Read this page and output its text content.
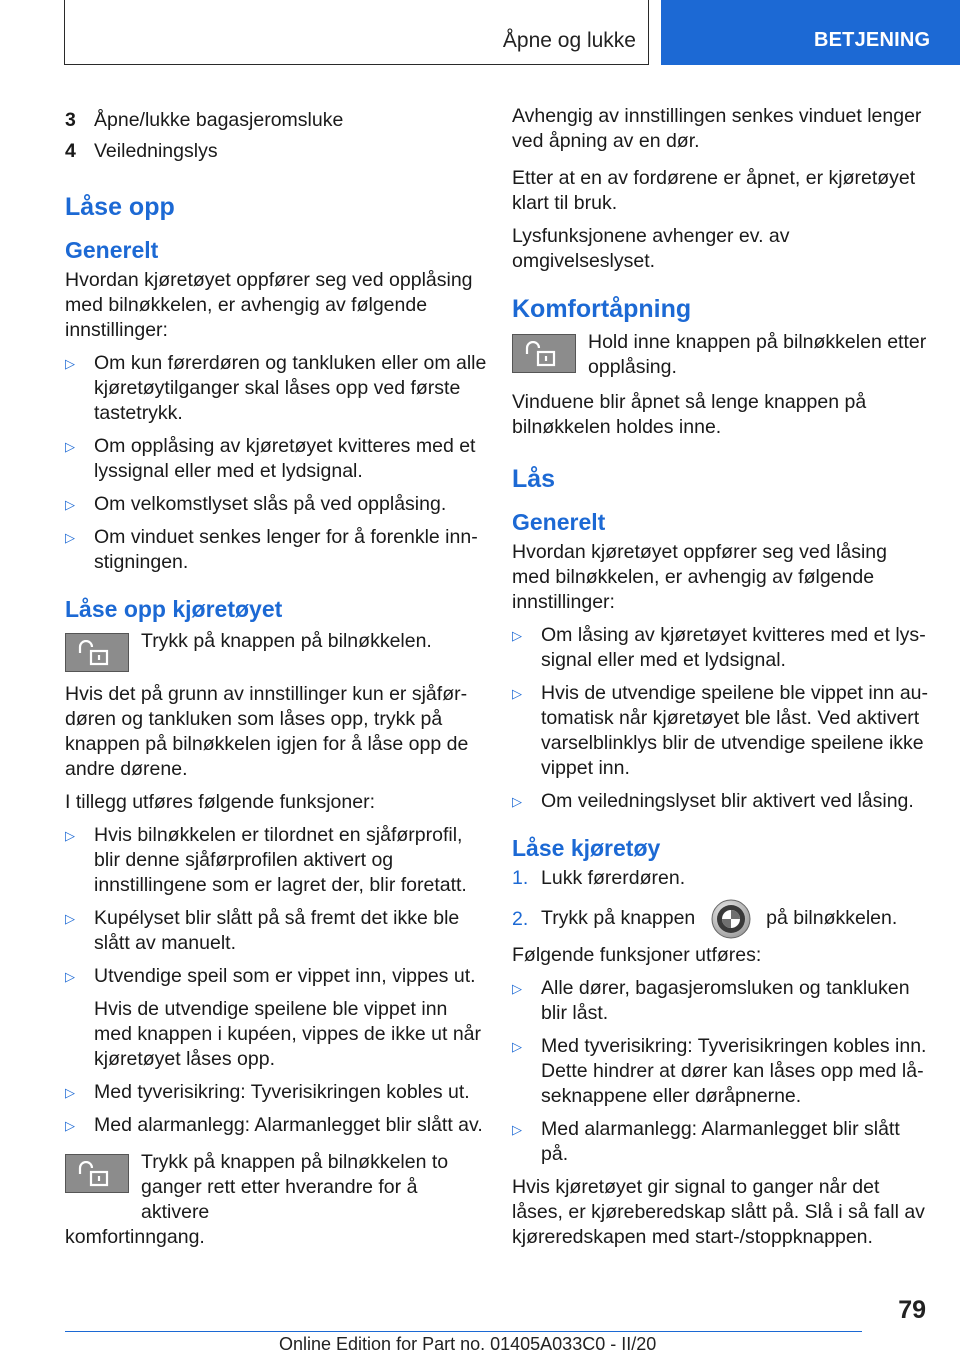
Åpne og lukke	BETJENING
3 Åpne/lukke bagasjeromsluke
4 Veiledningslys
Låse opp
Generelt

Hvordan kjøretøyet oppfører seg ved opplåsing med bilnøkkelen, er avhengig av følgende innstillinger:

▷ Om kun førerdøren og tankluken eller om alle kjøretøytilganger skal låses opp ved første tastetrykk.
▷ Om opplåsing av kjøretøyet kvitteres med et lyssignal eller med et lydsignal.
▷ Om velkomstlyset slås på ved opplåsing.
▷ Om vinduet senkes lenger for å forenkle innstigningen.
Låse opp kjøretøyet
Trykk på knappen på bilnøkkelen.

Hvis det på grunn av innstillinger kun er sjåførdøren og tankluken som låses opp, trykk på knappen på bilnøkkelen igjen for å låse opp de andre dørene.

I tillegg utføres følgende funksjoner:

▷ Hvis bilnøkkelen er tilordnet en sjåførprofil, blir denne sjåførprofilen aktivert og innstillingene som er lagret der, blir foretatt.
▷ Kupélyset blir slått på så fremt det ikke ble slått av manuelt.
▷ Utvendige speil som er vippet inn, vippes ut.
Hvis de utvendige speilene ble vippet inn med knappen i kupéen, vippes de ikke ut når kjøretøyet låses opp.
▷ Med tyverisikring: Tyverisikringen kobles ut.
▷ Med alarmanlegg: Alarmanlegget blir slått av.
Trykk på knappen på bilnøkkelen to ganger rett etter hverandre for å aktivere

komfortinngang.

Avhengig av innstillingen senkes vinduet lenger ved åpning av en dør.

Etter at en av fordørene er åpnet, er kjøretøyet klart til bruk.

Lysfunksjonene avhenger ev. av omgivelseslyset.

Komfortåpning
Hold inne knappen på bilnøkkelen etter opplåsing.

Vinduene blir åpnet så lenge knappen på bilnøkkelen holdes inne.

Lås
Generelt

Hvordan kjøretøyet oppfører seg ved låsing med bilnøkkelen, er avhengig av følgende innstillinger:

▷ Om låsing av kjøretøyet kvitteres med et lyssignal eller med et lydsignal.
▷ Hvis de utvendige speilene ble vippet inn automatisk når kjøretøyet ble låst. Ved aktivert varselblinklys blir de utvendige speilene ikke vippet inn.
▷ Om veiledningslyset blir aktivert ved låsing.
Låse kjøretøy
1. Lukk førerdøren.
2. Trykk på knappen	på bilnøkkelen.

Følgende funksjoner utføres:

▷ Alle dører, bagasjeromsluken og tankluken blir låst.
▷ Med tyverisikring: Tyverisikringen kobles inn. Dette hindrer at dører kan låses opp med låseknappene eller døråpnerne.
▷ Med alarmanlegg: Alarmanlegget blir slått på.

Hvis kjøretøyet gir signal to ganger når det låses, er kjøreberedskap slått på. Slå i så fall av kjøreredskapen med start-/stoppknappen.

79
Online Edition for Part no. 01405A033C0 - II/20
